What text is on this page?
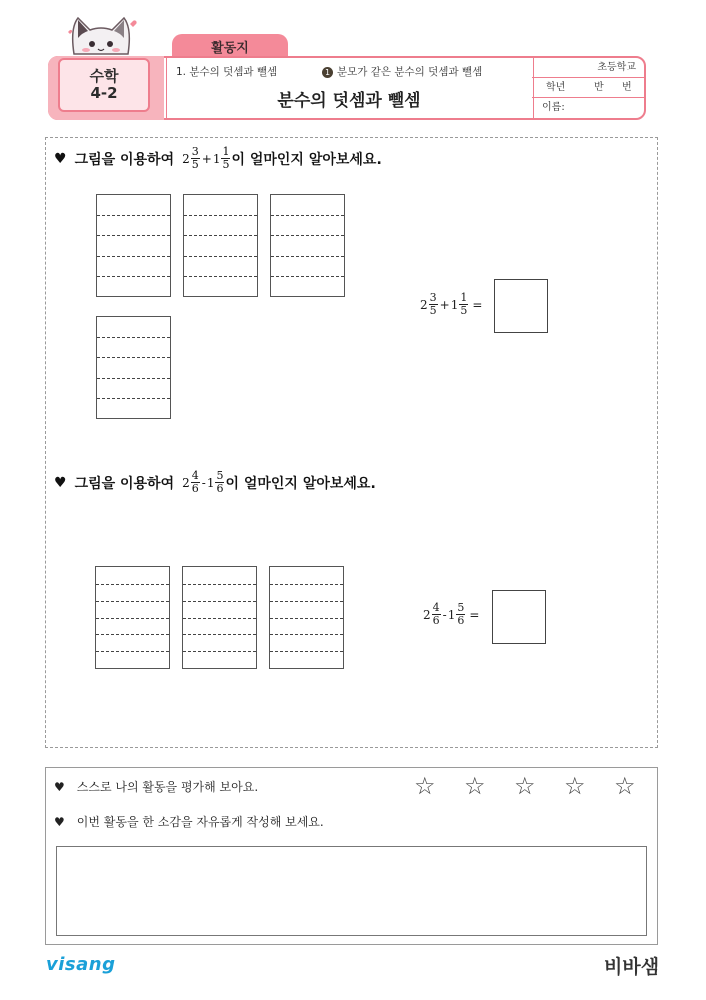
활동지
수학
4-2
1. 분수의 덧셈과 뺄셈	1 분모가 같은 분수의 덧셈과 뺄셈
분수의 덧셈과 뺄셈
초등학교
학년	반 번
이름:
♥ 그림을 이용하여 $2 \frac{3}{5} + 1 \frac{1}{5}$ 이 얼마인지 알아보세요.
$2 \frac{3}{5} + 1 \frac{1}{5}$ =
♥ 그림을 이용하여 $2 \frac{4}{6} - 1 \frac{5}{6}$ 이 얼마인지 알아보세요.
$2 \frac{4}{6} - 1 \frac{5}{6}$ =
♥ 스스로 나의 활동을 평가해 보아요.	☆ ☆ ☆ ☆ ☆
♥ 이번 활동을 한 소감을 자유롭게 작성해 보세요.
visang	비바샘
